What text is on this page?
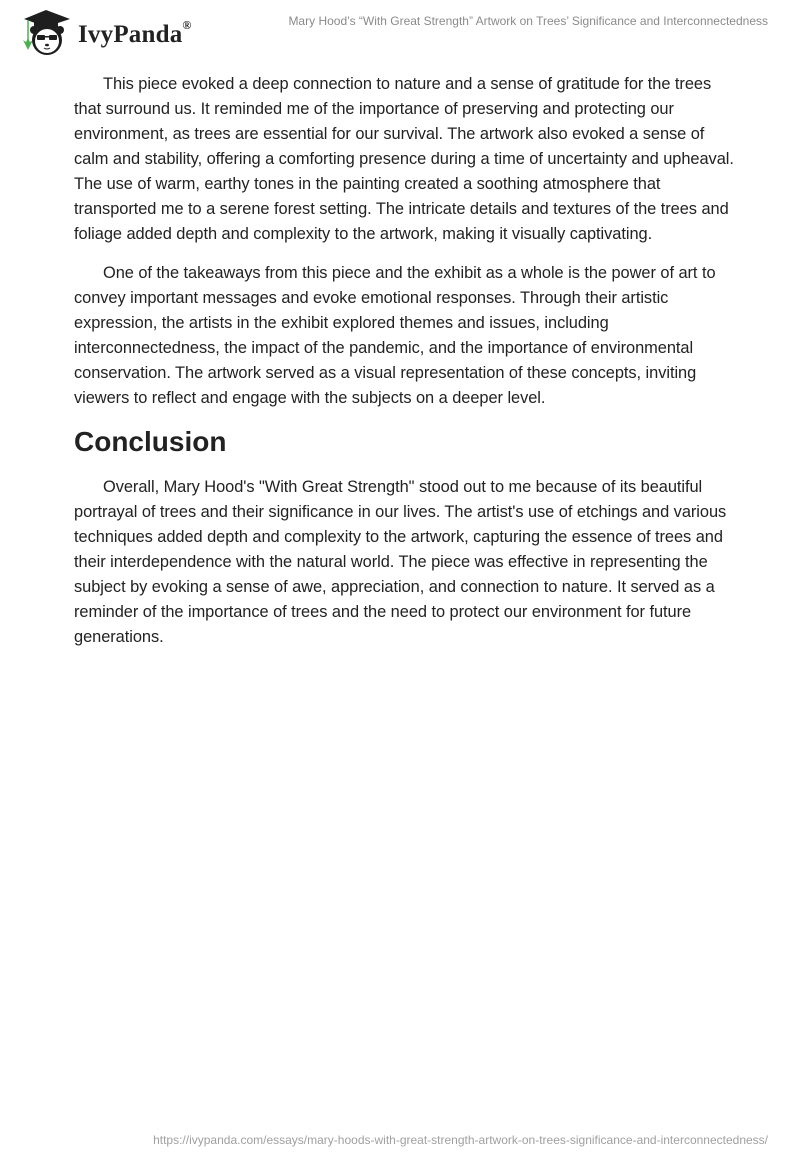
IvyPanda®	Mary Hood’s “With Great Strength” Artwork on Trees’ Significance and Interconnectedness

This piece evoked a deep connection to nature and a sense of gratitude for the trees that surround us. It reminded me of the importance of preserving and protecting our environment, as trees are essential for our survival. The artwork also evoked a sense of calm and stability, offering a comforting presence during a time of uncertainty and upheaval. The use of warm, earthy tones in the painting created a soothing atmosphere that transported me to a serene forest setting. The intricate details and textures of the trees and foliage added depth and complexity to the artwork, making it visually captivating.

One of the takeaways from this piece and the exhibit as a whole is the power of art to convey important messages and evoke emotional responses. Through their artistic expression, the artists in the exhibit explored themes and issues, including interconnectedness, the impact of the pandemic, and the importance of environmental conservation. The artwork served as a visual representation of these concepts, inviting viewers to reflect and engage with the subjects on a deeper level.

Conclusion

Overall, Mary Hood's "With Great Strength" stood out to me because of its beautiful portrayal of trees and their significance in our lives. The artist's use of etchings and various techniques added depth and complexity to the artwork, capturing the essence of trees and their interdependence with the natural world. The piece was effective in representing the subject by evoking a sense of awe, appreciation, and connection to nature. It served as a reminder of the importance of trees and the need to protect our environment for future generations.

https://ivypanda.com/essays/mary-hoods-with-great-strength-artwork-on-trees-significance-and-interconnectedness/
